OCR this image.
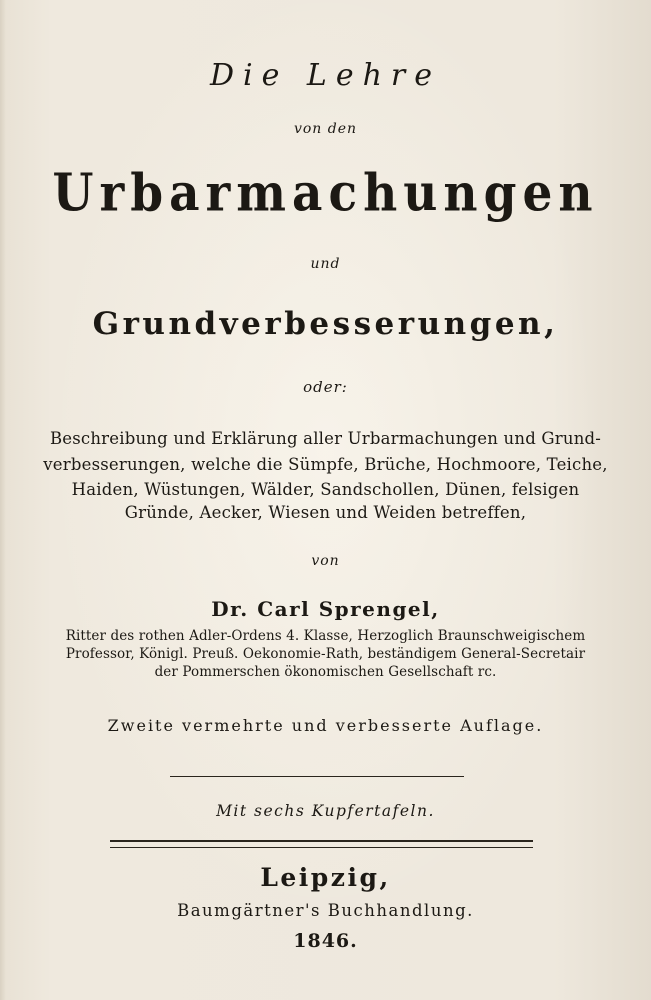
Die Lehre
von den
Urbarmachungen
und
Grundverbesserungen,
oder:
Beschreibung und Erklärung aller Urbarmachungen und Grund-
verbesserungen, welche die Sümpfe, Brüche, Hochmoore, Teiche,
Haiden, Wüstungen, Wälder, Sandschollen, Dünen, felsigen
Gründe, Aecker, Wiesen und Weiden betreffen,
von
Dr. Carl Sprengel,
Ritter des rothen Adler-Ordens 4. Klasse, Herzoglich Braunschweigischem
Professor, Königl. Preuß. Oekonomie-Rath, beständigem General-Secretair
der Pommerschen ökonomischen Gesellschaft rc.
Zweite vermehrte und verbesserte Auflage.
Mit sechs Kupfertafeln.
Leipzig,
Baumgärtner's Buchhandlung.
1846.
